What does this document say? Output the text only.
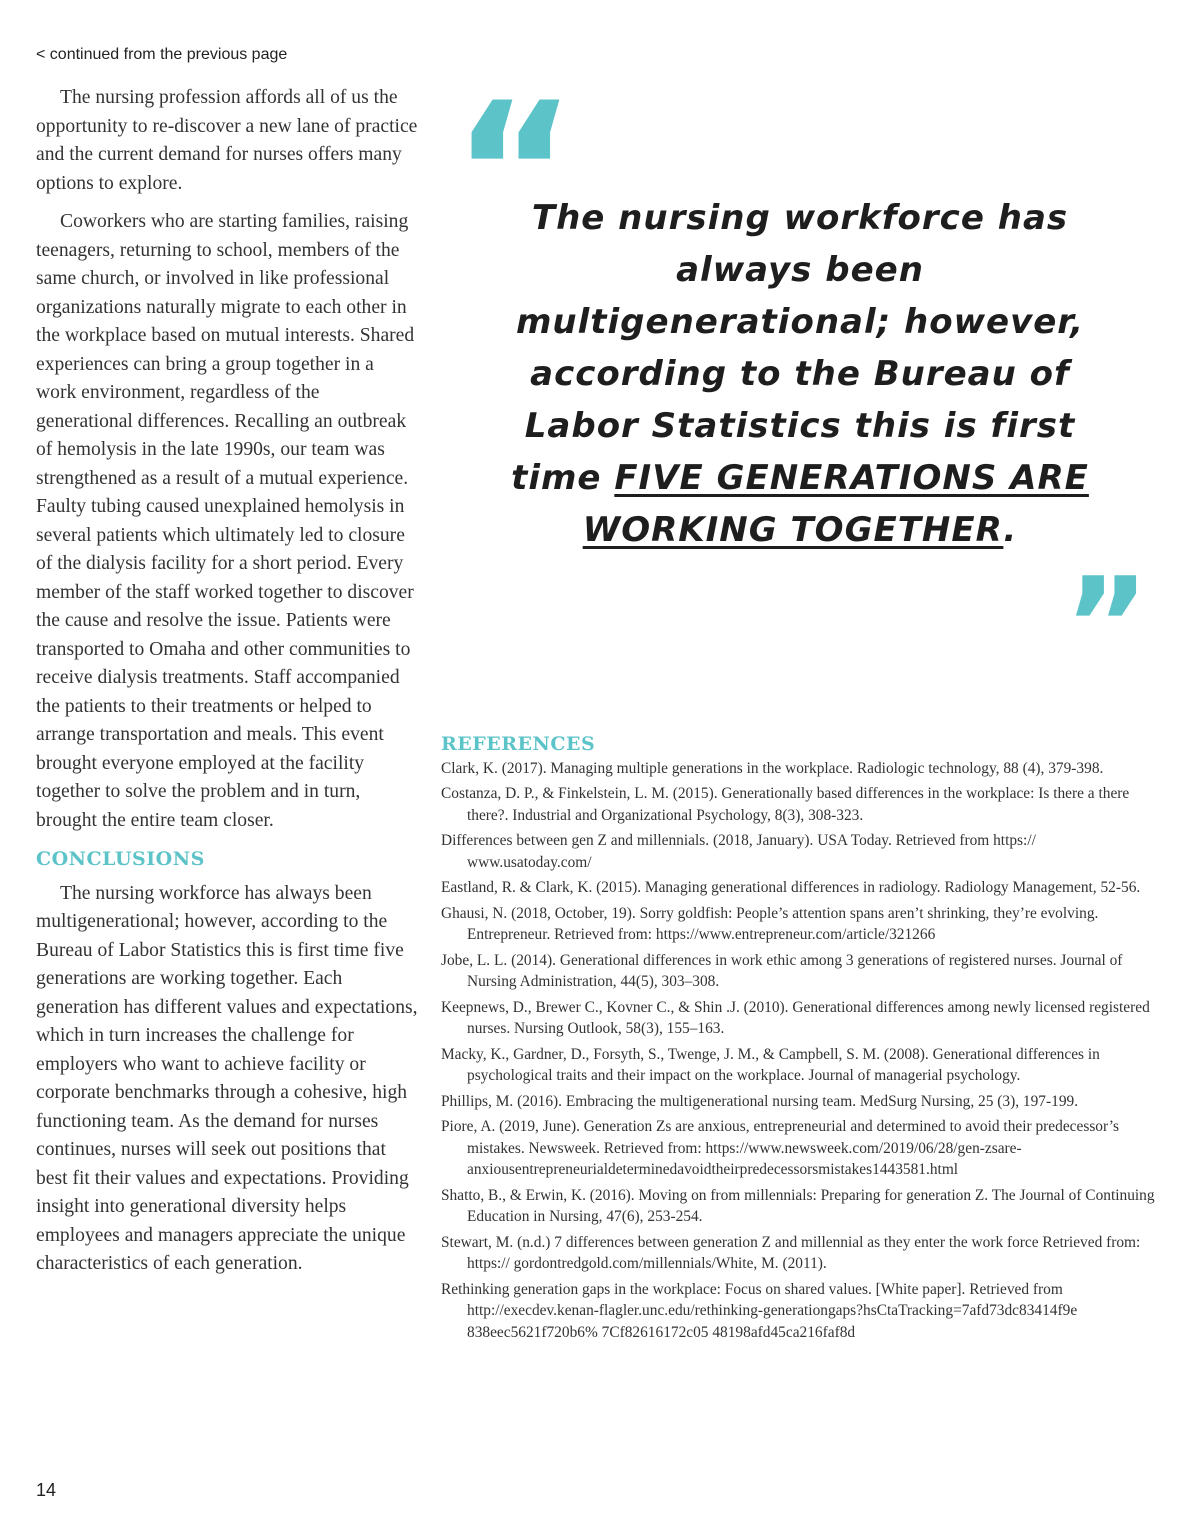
< continued from the previous page

The nursing profession affords all of us the opportunity to re-discover a new lane of practice and the current demand for nurses offers many options to explore.

Coworkers who are starting families, raising teenagers, returning to school, members of the same church, or involved in like professional organizations naturally migrate to each other in the workplace based on mutual interests. Shared experiences can bring a group together in a work environment, regardless of the generational differences. Recalling an outbreak of hemolysis in the late 1990s, our team was strengthened as a result of a mutual experience. Faulty tubing caused unexplained hemolysis in several patients which ultimately led to closure of the dialysis facility for a short period. Every member of the staff worked together to discover the cause and resolve the issue. Patients were transported to Omaha and other communities to receive dialysis treatments. Staff accompanied the patients to their treatments or helped to arrange transportation and meals. This event brought everyone employed at the facility together to solve the problem and in turn, brought the entire team closer.

CONCLUSIONS

The nursing workforce has always been multigenerational; however, according to the Bureau of Labor Statistics this is first time five generations are working together. Each generation has different values and expectations, which in turn increases the challenge for employers who want to achieve facility or corporate benchmarks through a cohesive, high functioning team. As the demand for nurses continues, nurses will seek out positions that best fit their values and expectations. Providing insight into generational diversity helps employees and managers appreciate the unique characteristics of each generation.

“
The nursing workforce has always been multigenerational; however, according to the Bureau of Labor Statistics this is first time FIVE GENERATIONS ARE WORKING TOGETHER.
”
REFERENCES
Clark, K. (2017). Managing multiple generations in the workplace. Radiologic technology, 88 (4), 379-398.
Costanza, D. P., & Finkelstein, L. M. (2015). Generationally based differences in the workplace: Is there a there there?. Industrial and Organizational Psychology, 8(3), 308-323.
Differences between gen Z and millennials. (2018, January). USA Today. Retrieved from https:// www.usatoday.com/
Eastland, R. & Clark, K. (2015). Managing generational differences in radiology. Radiology Management, 52-56.
Ghausi, N. (2018, October, 19). Sorry goldfish: People’s attention spans aren’t shrinking, they’re evolving. Entrepreneur. Retrieved from: https://www.entrepreneur.com/article/321266
Jobe, L. L. (2014). Generational differences in work ethic among 3 generations of registered nurses. Journal of Nursing Administration, 44(5), 303–308.
Keepnews, D., Brewer C., Kovner C., & Shin .J. (2010). Generational differences among newly licensed registered nurses. Nursing Outlook, 58(3), 155–163.
Macky, K., Gardner, D., Forsyth, S., Twenge, J. M., & Campbell, S. M. (2008). Generational differences in psychological traits and their impact on the workplace. Journal of managerial psychology.
Phillips, M. (2016). Embracing the multigenerational nursing team. MedSurg Nursing, 25 (3), 197-199.
Piore, A. (2019, June). Generation Zs are anxious, entrepreneurial and determined to avoid their predecessor’s mistakes. Newsweek. Retrieved from: https://www.newsweek.com/2019/06/28/gen-zsare-anxiousentrepreneurialdeterminedavoidtheirpredecessorsmistakes1443581.html
Shatto, B., & Erwin, K. (2016). Moving on from millennials: Preparing for generation Z. The Journal of Continuing Education in Nursing, 47(6), 253-254.
Stewart, M. (n.d.) 7 differences between generation Z and millennial as they enter the work force Retrieved from: https:// gordontredgold.com/millennials/White, M. (2011).
Rethinking generation gaps in the workplace: Focus on shared values. [White paper]. Retrieved from http://execdev.kenan-flagler.unc.edu/rethinking-generationgaps?hsCtaTracking=7afd73dc83414f9e 838eec5621f720b6% 7Cf82616172c05 48198afd45ca216faf8d
14
